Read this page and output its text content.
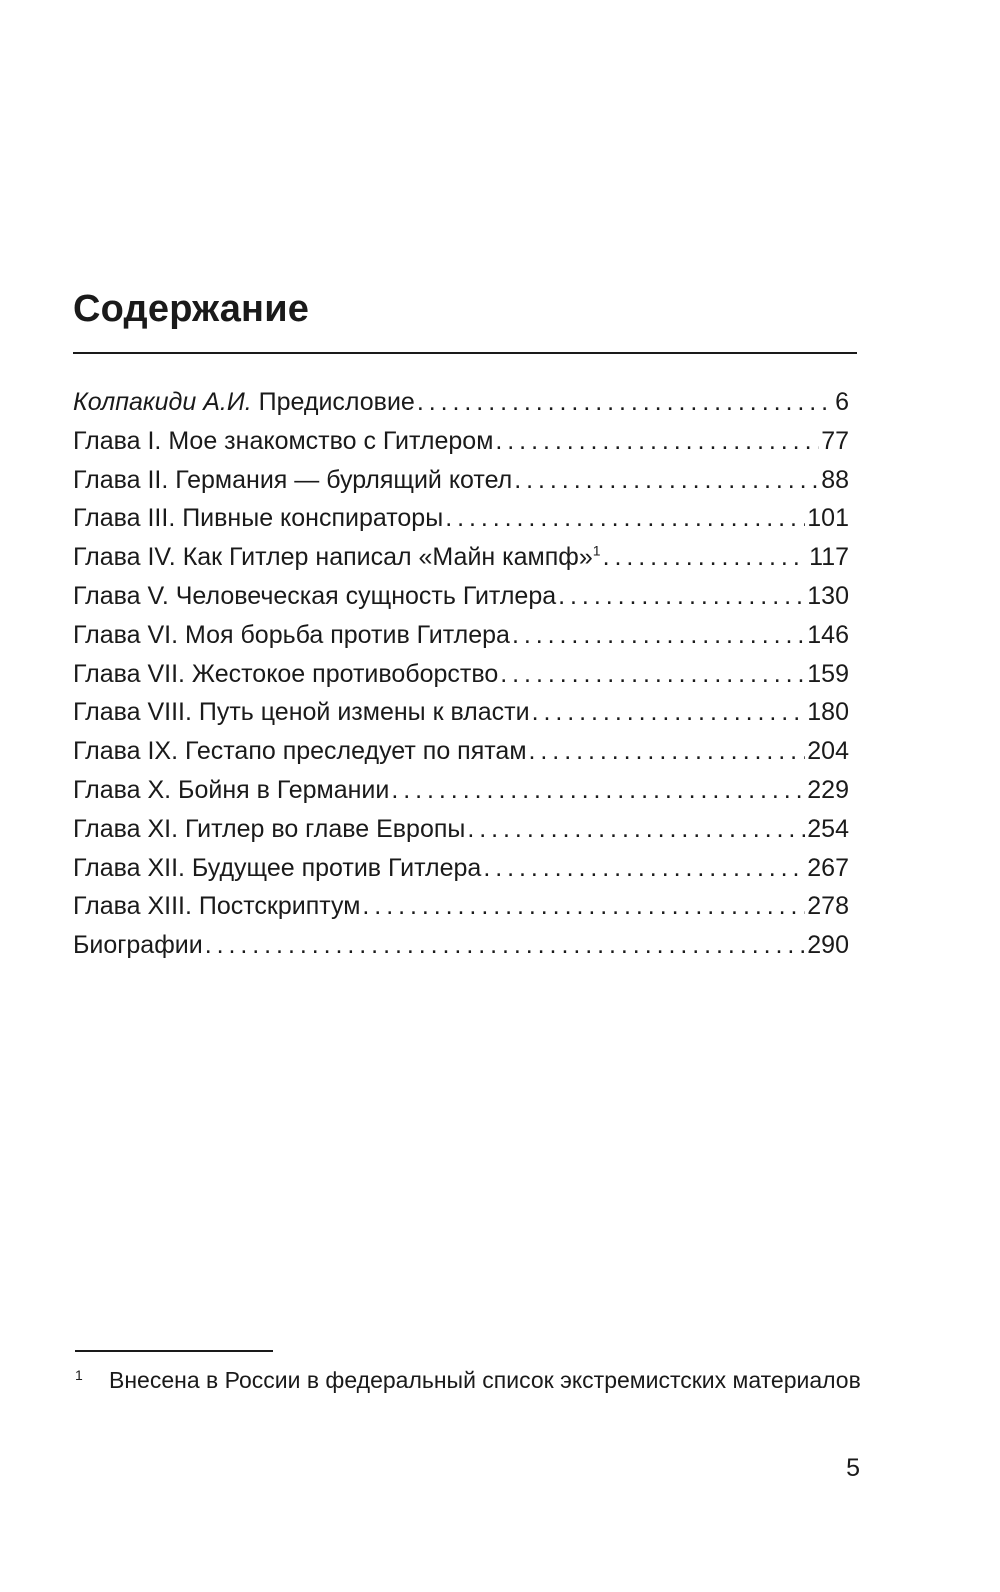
Содержание
Колпакиди А.И. Предисловие . . .	6
Глава I. Мое знакомство с Гитлером . . .	77
Глава II. Германия — бурлящий котел . . .	88
Глава III. Пивные конспираторы . . .	101
Глава IV. Как Гитлер написал «Майн кампф»$^1$ . . .	117
Глава V. Человеческая сущность Гитлера . . .	130
Глава VI. Моя борьба против Гитлера . . .	146
Глава VII. Жестокое противоборство . . .	159
Глава VIII. Путь ценой измены к власти . . .	180
Глава IX. Гестапо преследует по пятам . . .	204
Глава X. Бойня в Германии . . .	229
Глава XI. Гитлер во главе Европы . . .	254
Глава XII. Будущее против Гитлера . . .	267
Глава XIII. Постскриптум . . .	278
Биографии . . .	290
1 Внесена в России в федеральный список экстремистских материалов
5
